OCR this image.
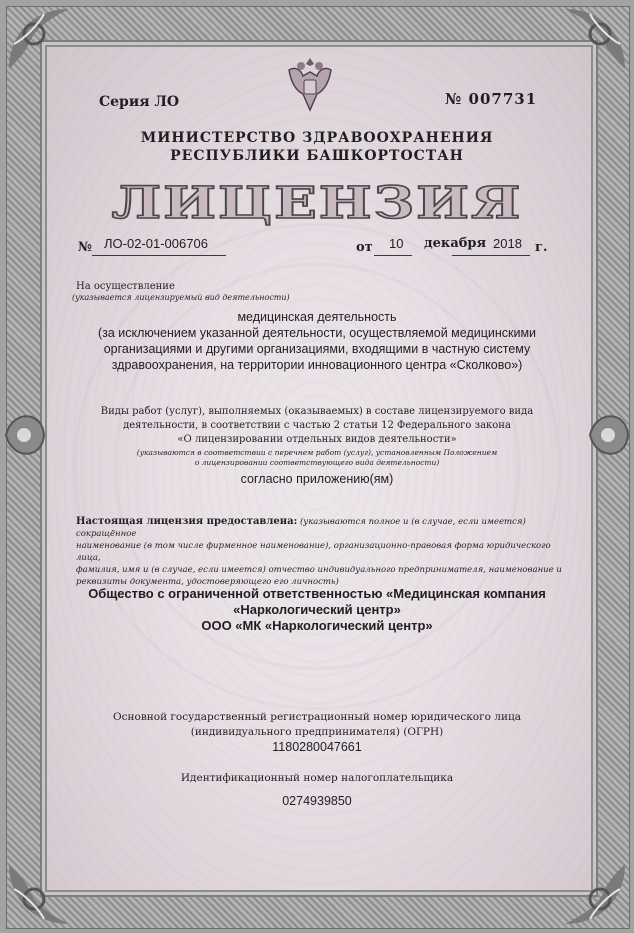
Серия ЛО	№ 007731
МИНИСТЕРСТВО ЗДРАВООХРАНЕНИЯ
РЕСПУБЛИКИ БАШКОРТОСТАН
ЛИЦЕНЗИЯ
№ ЛО-02-01-006706	от 10 декабря 2018 г.
На осуществление
(указывается лицензируемый вид деятельности)
медицинская деятельность
(за исключением указанной деятельности, осуществляемой медицинскими
организациями и другими организациями, входящими в частную систему
здравоохранения, на территории инновационного центра «Сколково»)
Виды работ (услуг), выполняемых (оказываемых) в составе лицензируемого вида
деятельности, в соответствии с частью 2 статьи 12 Федерального закона
«О лицензировании отдельных видов деятельности»
(указываются в соответствии с перечнем работ (услуг), установленным Положением
о лицензировании соответствующего вида деятельности)
согласно приложению(ям)
Настоящая лицензия предоставлена: (указываются полное и (в случае, если имеется) сокращённое
наименование (в том числе фирменное наименование), организационно-правовая форма юридического лица,
фамилия, имя и (в случае, если имеется) отчество индивидуального предпринимателя, наименование и
реквизиты документа, удостоверяющего его личность)
Общество с ограниченной ответственностью «Медицинская компания
«Наркологический центр»
ООО «МК «Наркологический центр»
Основной государственный регистрационный номер юридического лица
(индивидуального предпринимателя) (ОГРН)
1180280047661
Идентификационный номер налогоплательщика
0274939850
